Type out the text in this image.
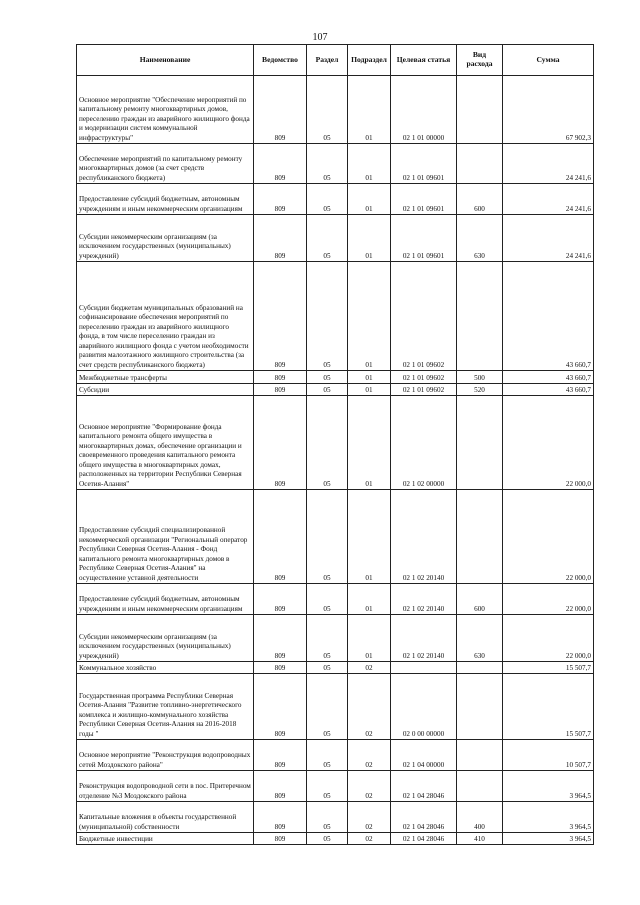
107
Наименование	Ведомство	Раздел	Подраздел	Целевая статья	Вид расхода	Сумма
Основное мероприятие "Обеспечение мероприятий по капитальному ремонту многоквартирных домов, переселению граждан из аварийного жилищного фонда и модернизации систем коммунальной инфраструктуры"	809	05	01	02 1 01 00000		67 902,3
Обеспечение мероприятий по капитальному ремонту многоквартирных домов (за счет средств республиканского бюджета)	809	05	01	02 1 01 09601		24 241,6
Предоставление субсидий бюджетным, автономным учреждениям и иным некоммерческим организациям	809	05	01	02 1 01 09601	600	24 241,6
Субсидии некоммерческим организациям (за исключением государственных (муниципальных) учреждений)	809	05	01	02 1 01 09601	630	24 241,6
Субсидии бюджетам муниципальных образований на софинансирование обеспечения мероприятий по переселению граждан из аварийного жилищного фонда, в том числе переселению граждан из аварийного жилищного фонда с учетом необходимости развития малоэтажного жилищного строительства (за счет средств республиканского бюджета)	809	05	01	02 1 01 09602		43 660,7
Межбюджетные трансферты	809	05	01	02 1 01 09602	500	43 660,7
Субсидии	809	05	01	02 1 01 09602	520	43 660,7
Основное мероприятие "Формирование фонда капитального ремонта общего имущества в многоквартирных домах, обеспечение организации и своевременного проведения капитального ремонта общего имущества в многоквартирных домах, расположенных на территории Республики Северная Осетия-Алания"	809	05	01	02 1 02 00000		22 000,0
Предоставление субсидий специализированной некоммерческой организации "Региональный оператор Республики Северная Осетия-Алания - Фонд капитального ремонта многоквартирных домов в Республике Северная Осетия-Алания" на осуществление уставной деятельности	809	05	01	02 1 02 20140		22 000,0
Предоставление субсидий бюджетным, автономным учреждениям и иным некоммерческим организациям	809	05	01	02 1 02 20140	600	22 000,0
Субсидии некоммерческим организациям (за исключением государственных (муниципальных) учреждений)	809	05	01	02 1 02 20140	630	22 000,0
Коммунальное хозяйство	809	05	02			15 507,7
Государственная программа Республики Северная Осетия-Алания "Развитие топливно-энергетического комплекса и жилищно-коммунального хозяйства Республики Северная Осетия-Алания на 2016-2018 годы "	809	05	02	02 0 00 00000		15 507,7
Основное мероприятие "Реконструкция водопроводных сетей Моздокского района"	809	05	02	02 1 04 00000		10 507,7
Реконструкция водопроводной сети в пос. Притеречном отделение №3 Моздокского района	809	05	02	02 1 04 28046		3 964,5
Капитальные вложения в объекты государственной (муниципальной) собственности	809	05	02	02 1 04 28046	400	3 964,5
Бюджетные инвестиции	809	05	02	02 1 04 28046	410	3 964,5
